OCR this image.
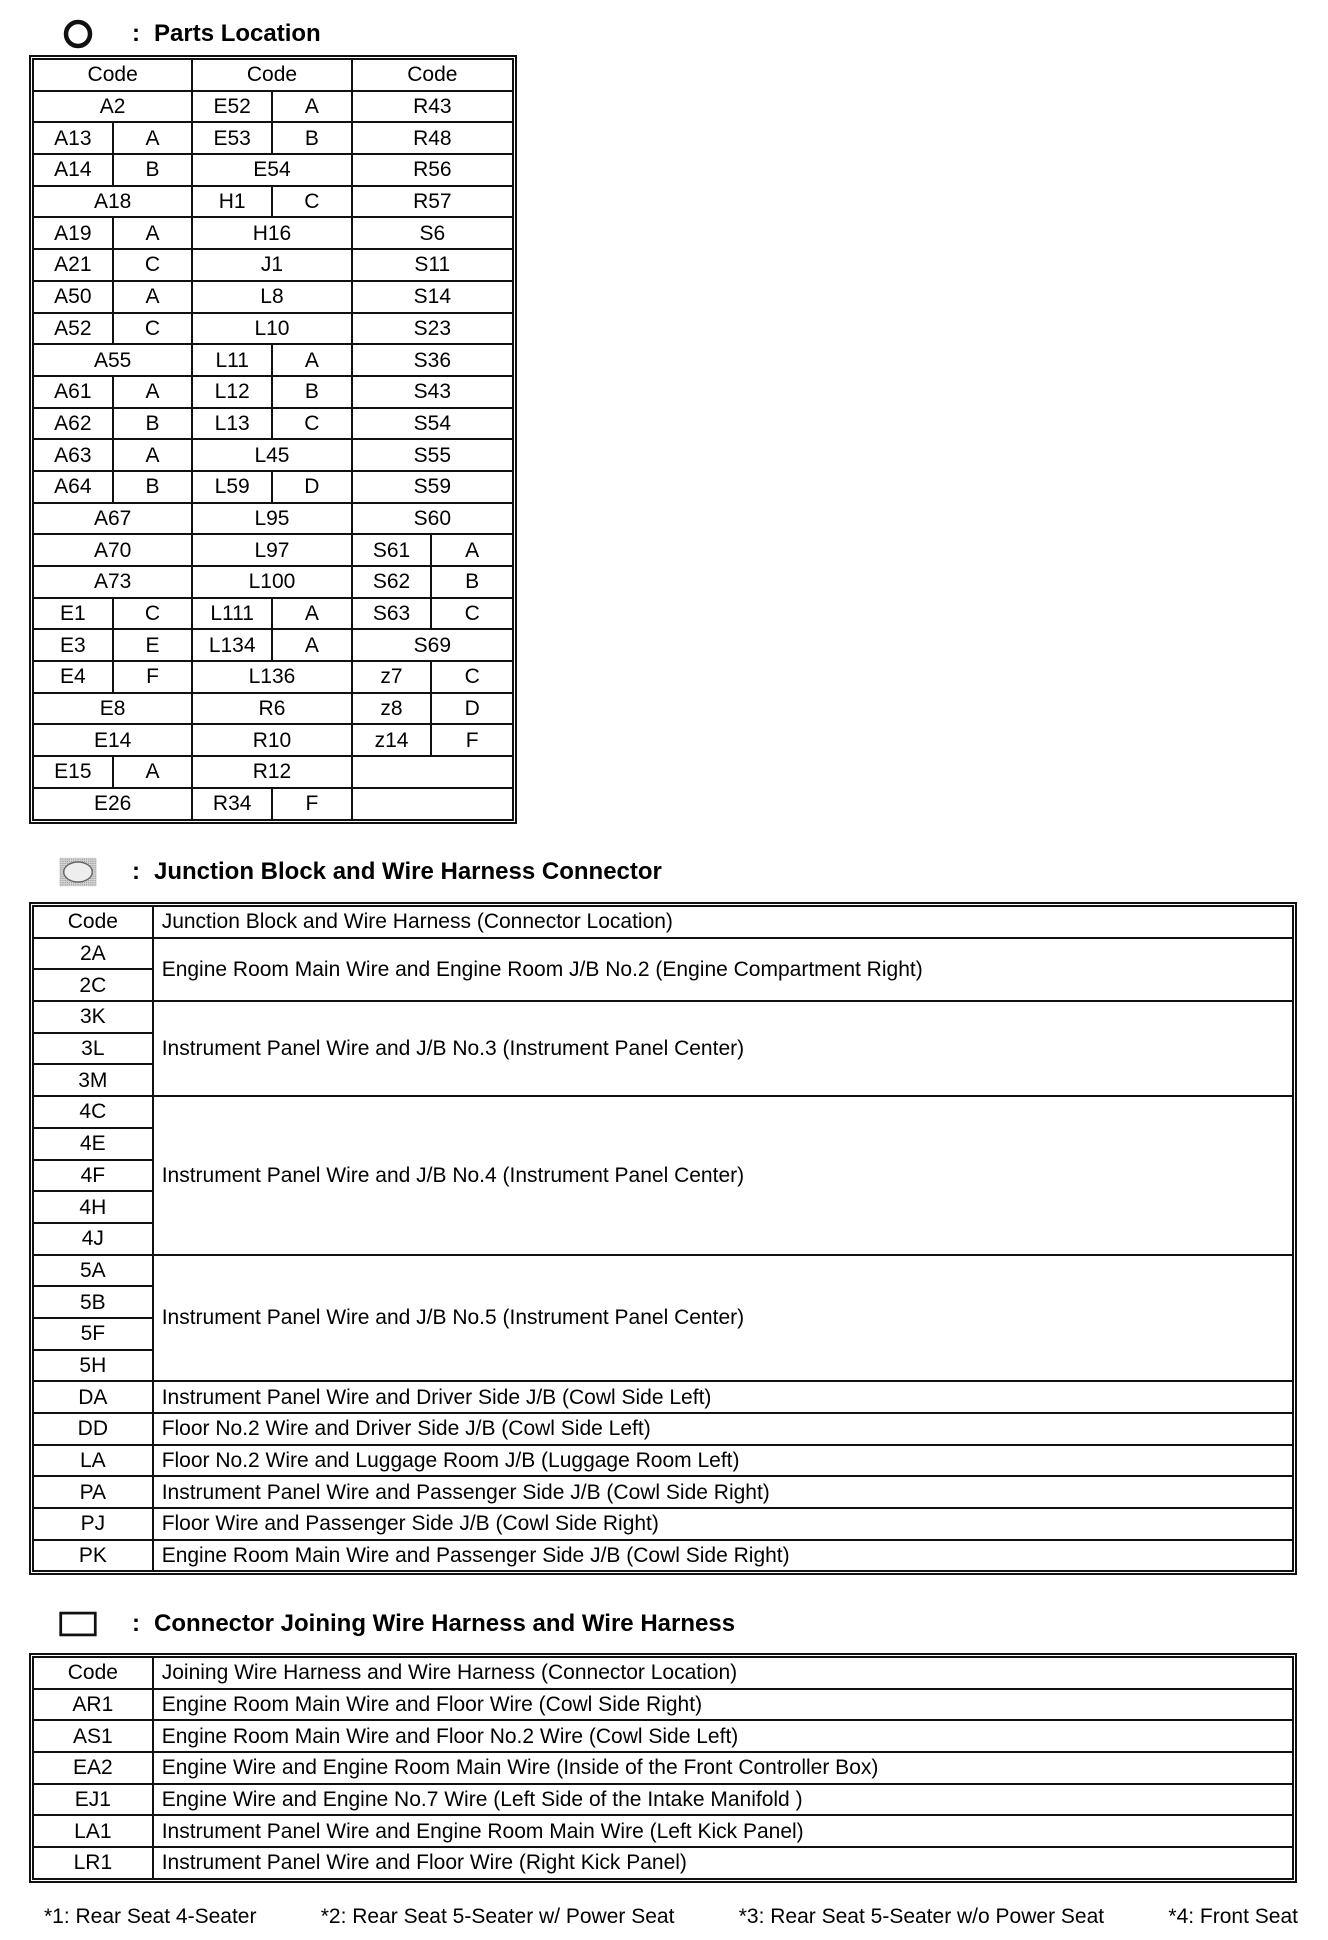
: Parts Location
Code		Code		Code	
A2		E52	A	R43	
A13	A	E53	B	R48	
A14	B	E54		R56	
A18		H1	C	R57	
A19	A	H16		S6	
A21	C	J1		S11	
A50	A	L8		S14	
A52	C	L10		S23	
A55		L11	A	S36	
A61	A	L12	B	S43	
A62	B	L13	C	S54	
A63	A	L45		S55	
A64	B	L59	D	S59	
A67		L95		S60	
A70		L97		S61	A
A73		L100		S62	B
E1	C	L111	A	S63	C
E3	E	L134	A	S69	
E4	F	L136		z7	C
E8		R6		z8	D
E14		R10		z14	F
E15	A	R12			
E26		R34	F		
: Junction Block and Wire Harness Connector
Code	Junction Block and Wire Harness (Connector Location)
2A	Engine Room Main Wire and Engine Room J/B No.2 (Engine Compartment Right)
2C	
3K	Instrument Panel Wire and J/B No.3 (Instrument Panel Center)
3L	
3M	
4C	Instrument Panel Wire and J/B No.4 (Instrument Panel Center)
4E	
4F	
4H	
4J	
5A	Instrument Panel Wire and J/B No.5 (Instrument Panel Center)
5B	
5F	
5H	
DA	Instrument Panel Wire and Driver Side J/B (Cowl Side Left)
DD	Floor No.2 Wire and Driver Side J/B (Cowl Side Left)
LA	Floor No.2 Wire and Luggage Room J/B (Luggage Room Left)
PA	Instrument Panel Wire and Passenger Side J/B (Cowl Side Right)
PJ	Floor Wire and Passenger Side J/B (Cowl Side Right)
PK	Engine Room Main Wire and Passenger Side J/B (Cowl Side Right)
: Connector Joining Wire Harness and Wire Harness
Code	Joining Wire Harness and Wire Harness (Connector Location)
AR1	Engine Room Main Wire and Floor Wire (Cowl Side Right)
AS1	Engine Room Main Wire and Floor No.2 Wire (Cowl Side Left)
EA2	Engine Wire and Engine Room Main Wire (Inside of the Front Controller Box)
EJ1	Engine Wire and Engine No.7 Wire (Left Side of the Intake Manifold )
LA1	Instrument Panel Wire and Engine Room Main Wire (Left Kick Panel)
LR1	Instrument Panel Wire and Floor Wire (Right Kick Panel)
*1: Rear Seat 4-Seater	*2: Rear Seat 5-Seater w/ Power Seat	*3: Rear Seat 5-Seater w/o Power Seat	*4: Front Seat
